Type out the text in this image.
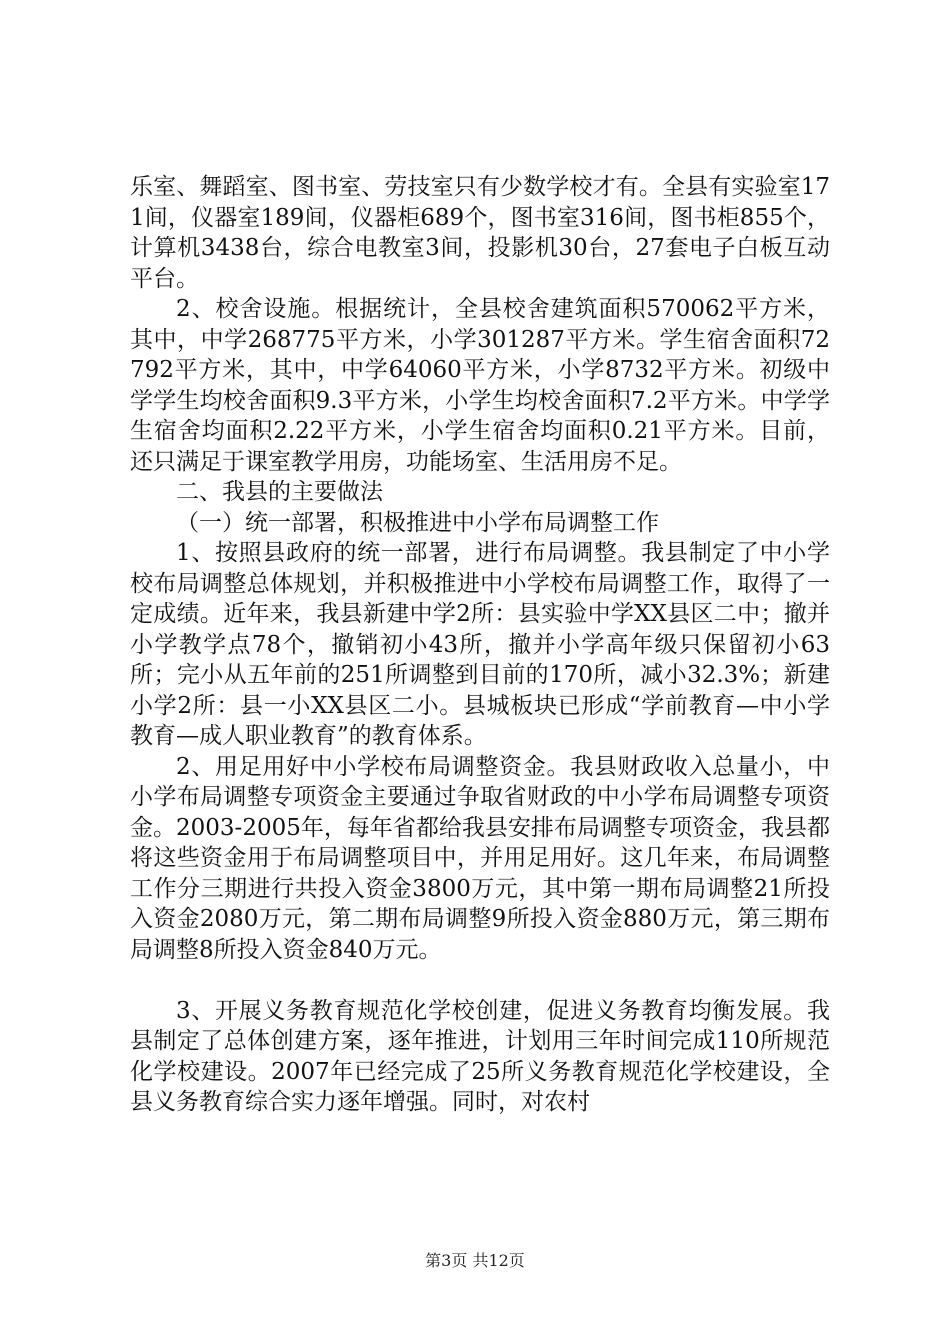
乐室、舞蹈室、图书室、劳技室只有少数学校才有。全县有实验室171间，仪器室189间，仪器柜689个，图书室316间，图书柜855个，计算机3438台，综合电教室3间，投影机30台，27套电子白板互动平台。

2、校舍设施。根据统计，全县校舍建筑面积570062平方米，其中，中学268775平方米，小学301287平方米。学生宿舍面积72792平方米，其中，中学64060平方米，小学8732平方米。初级中学学生均校舍面积9.3平方米，小学生均校舍面积7.2平方米。中学学生宿舍均面积2.22平方米，小学生宿舍均面积0.21平方米。目前，还只满足于课室教学用房，功能场室、生活用房不足。

二、我县的主要做法

（一）统一部署，积极推进中小学布局调整工作

1、按照县政府的统一部署，进行布局调整。我县制定了中小学校布局调整总体规划，并积极推进中小学校布局调整工作，取得了一定成绩。近年来，我县新建中学2所：县实验中学XX县区二中；撤并小学教学点78个，撤销初小43所，撤并小学高年级只保留初小63所；完小从五年前的251所调整到目前的170所，减小32.3%；新建小学2所：县一小XX县区二小。县城板块已形成“学前教育—中小学教育—成人职业教育”的教育体系。

2、用足用好中小学校布局调整资金。我县财政收入总量小，中小学布局调整专项资金主要通过争取省财政的中小学布局调整专项资金。2003-2005年，每年省都给我县安排布局调整专项资金，我县都将这些资金用于布局调整项目中，并用足用好。这几年来，布局调整工作分三期进行共投入资金3800万元，其中第一期布局调整21所投入资金2080万元，第二期布局调整9所投入资金880万元，第三期布局调整8所投入资金840万元。

3、开展义务教育规范化学校创建，促进义务教育均衡发展。我县制定了总体创建方案，逐年推进，计划用三年时间完成110所规范化学校建设。2007年已经完成了25所义务教育规范化学校建设，全县义务教育综合实力逐年增强。同时，对农村

第3页 共12页
